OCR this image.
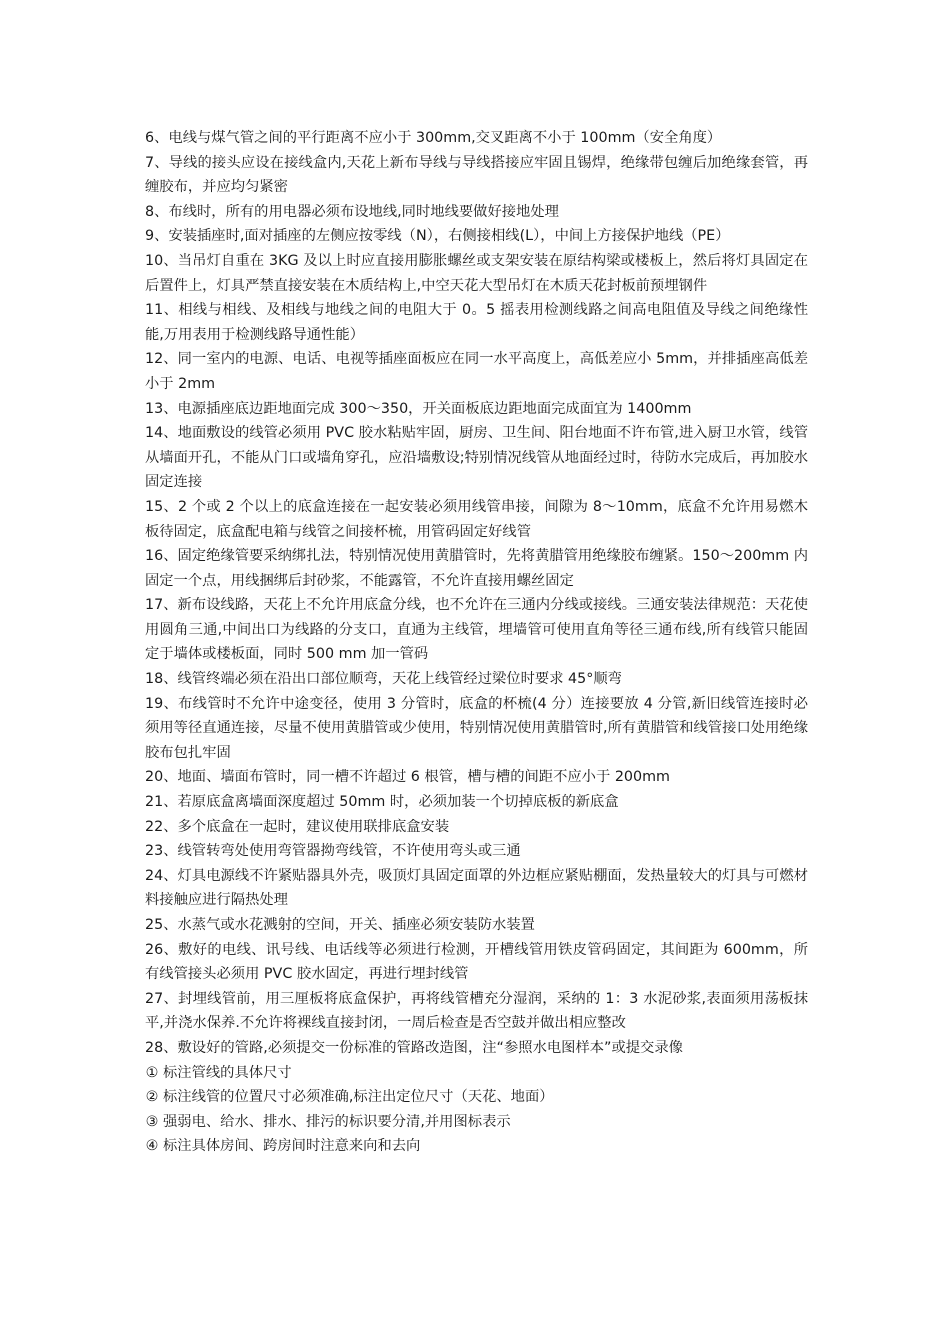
6、电线与煤气管之间的平行距离不应小于 300mm,交叉距离不小于 100mm（安全角度）

7、导线的接头应设在接线盒内,天花上新布导线与导线搭接应牢固且锡焊，绝缘带包缠后加绝缘套管，再缠胶布，并应均匀紧密

8、布线时，所有的用电器必须布设地线,同时地线要做好接地处理

9、安装插座时,面对插座的左侧应按零线（N），右侧接相线(L），中间上方接保护地线（PE）

10、当吊灯自重在 3KG 及以上时应直接用膨胀螺丝或支架安装在原结构梁或楼板上，然后将灯具固定在后置件上，灯具严禁直接安装在木质结构上,中空天花大型吊灯在木质天花封板前预埋钢件

11、相线与相线、及相线与地线之间的电阻大于 0。5 摇表用检测线路之间高电阻值及导线之间绝缘性能,万用表用于检测线路导通性能）

12、同一室内的电源、电话、电视等插座面板应在同一水平高度上，高低差应小 5mm，并排插座高低差小于 2mm

13、电源插座底边距地面完成 300～350，开关面板底边距地面完成面宜为 1400mm

14、地面敷设的线管必须用 PVC 胶水粘贴牢固，厨房、卫生间、阳台地面不许布管,进入厨卫水管，线管从墙面开孔，不能从门口或墙角穿孔，应沿墙敷设;特别情况线管从地面经过时，待防水完成后，再加胶水固定连接

15、2 个或 2 个以上的底盒连接在一起安装必须用线管串接，间隙为 8～10mm，底盒不允许用易燃木板待固定，底盒配电箱与线管之间接杯梳，用管码固定好线管

16、固定绝缘管要采纳绑扎法，特别情况使用黄腊管时，先将黄腊管用绝缘胶布缠紧。150～200mm 内固定一个点，用线捆绑后封砂浆，不能露管，不允许直接用螺丝固定

17、新布设线路，天花上不允许用底盒分线，也不允许在三通内分线或接线。三通安装法律规范：天花使用圆角三通,中间出口为线路的分支口，直通为主线管，埋墙管可使用直角等径三通布线,所有线管只能固定于墙体或楼板面，同时 500 mm 加一管码

18、线管终端必须在沿出口部位顺弯，天花上线管经过梁位时要求 45°顺弯

19、布线管时不允许中途变径，使用 3 分管时，底盒的杯梳(4 分）连接要放 4 分管,新旧线管连接时必须用等径直通连接，尽量不使用黄腊管或少使用，特别情况使用黄腊管时,所有黄腊管和线管接口处用绝缘胶布包扎牢固

20、地面、墙面布管时，同一槽不许超过 6 根管，槽与槽的间距不应小于 200mm

21、若原底盒离墙面深度超过 50mm 时，必须加装一个切掉底板的新底盒

22、多个底盒在一起时，建议使用联排底盒安装

23、线管转弯处使用弯管器拗弯线管，不许使用弯头或三通

24、灯具电源线不许紧贴器具外壳，吸顶灯具固定面罩的外边框应紧贴棚面，发热量较大的灯具与可燃材料接触应进行隔热处理

25、水蒸气或水花溅射的空间，开关、插座必须安装防水装置

26、敷好的电线、讯号线、电话线等必须进行检测，开槽线管用铁皮管码固定，其间距为 600mm，所有线管接头必须用 PVC 胶水固定，再进行埋封线管

27、封埋线管前，用三厘板将底盒保护，再将线管槽充分湿润，采纳的 1：3 水泥砂浆,表面须用荡板抹平,并浇水保养.不允许将裸线直接封闭，一周后检查是否空鼓并做出相应整改

28、敷设好的管路,必须提交一份标准的管路改造图，注“参照水电图样本”或提交录像

① 标注管线的具体尺寸
② 标注线管的位置尺寸必须准确,标注出定位尺寸（天花、地面）
③ 强弱电、给水、排水、排污的标识要分清,并用图标表示
④ 标注具体房间、跨房间时注意来向和去向
